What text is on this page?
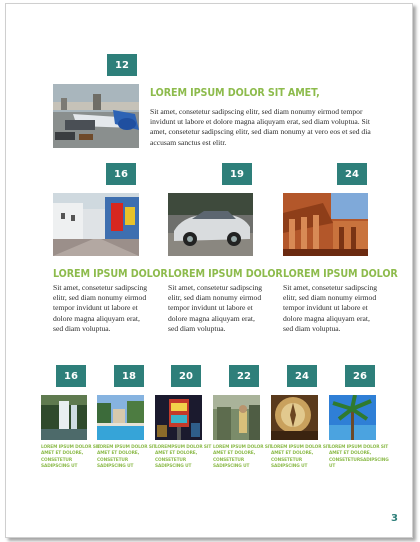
12
LOREM IPSUM DOLOR SIT AMET,

Sit amet, consetetur sadipscing elitr, sed diam nonumy eirmod tempor invidunt ut labore et dolore magna aliquyam erat, sed diam voluptua. Sit amet, consetetur sadipscing elitr, sed diam nonumy at vero eos et sed dia accusam sanctus est elitr.

16
LOREM IPSUM DOLOR

Sit amet, consetetur sadipscing elitr, sed diam nonumy eirmod tempor invidunt ut labore et dolore magna aliquyam erat, sed diam voluptua.

19
LOREM IPSUM DOLOR

Sit amet, consetetur sadipscing elitr, sed diam nonumy eirmod tempor invidunt ut labore et dolore magna aliquyam erat, sed diam voluptua.

24
LOREM IPSUM DOLOR

Sit amet, consetetur sadipscing elitr, sed diam nonumy eirmod tempor invidunt ut labore et dolore magna aliquyam erat, sed diam voluptua.

16

LOREM IPSUM DOLOR SIT AMET ET DOLORE, CONSETETUR SADIPSCING UT

18

LOREM IPSUM DOLOR SIT AMET ET DOLORE, CONSETETUR SADIPSCING UT

20

LOREMPSUM DOLOR SIT AMET ET DOLORE, CONSETETUR SADIPSCING UT

22

LOREM IPSUM DOLOR SIT AMET ET DOLORE, CONSETETUR SADIPSCING UT

24

LOREM IPSUM DOLOR SIT AMET ET DOLORE, CONSETETUR SADIPSCING UT

26

LOREM IPSUM DOLOR SIT AMET ET DOLORE, CONSETETURSADIPSCING UT

3
